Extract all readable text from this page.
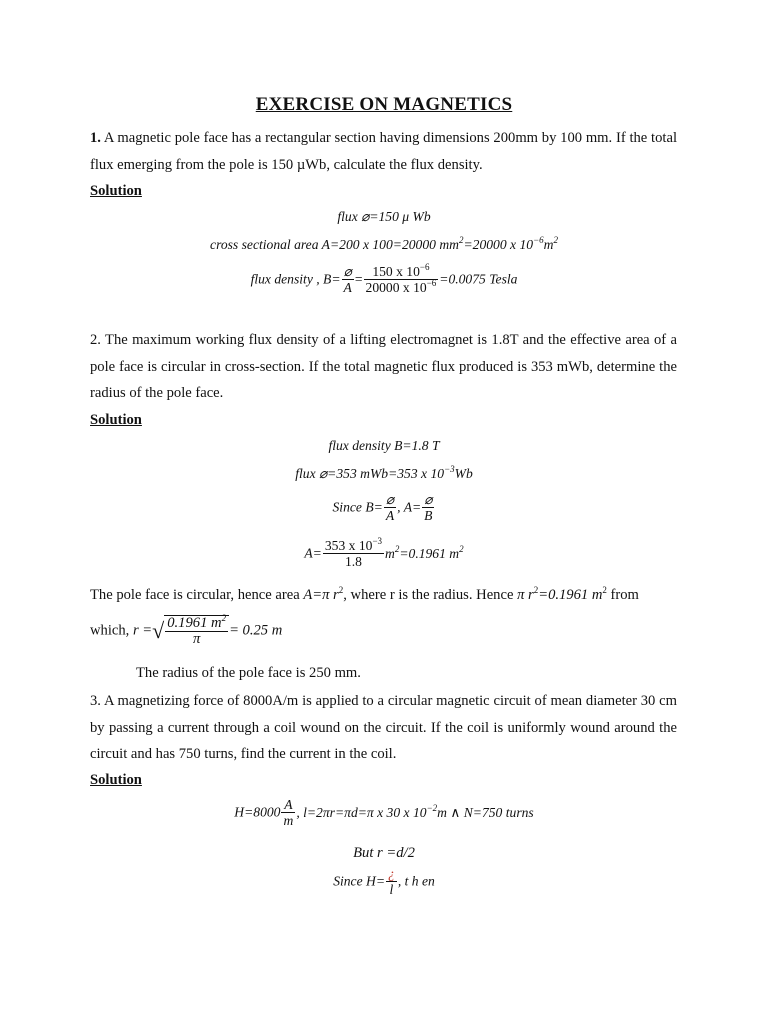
EXERCISE ON MAGNETICS
1. A magnetic pole face has a rectangular section having dimensions 200mm by 100 mm. If the total flux emerging from the pole is 150 µWb, calculate the flux density.
Solution
flux ⌀=150 μ Wb
cross sectional area A=200 x 100=20000 $mm^2=20000$ x $10^{-6}m^2$
flux density , B= ⌀
A
= $\frac{150 x 10^{-6}}{20000 x 10^{-6}} =0.0075$ Tesla
2. The maximum working flux density of a lifting electromagnet is 1.8T and the effective area of a pole face is circular in cross-section. If the total magnetic flux produced is 353 mWb, determine the radius of the pole face.
Solution
flux density B=1.8 T
flux ⌀=353 mWb=353 x $10^{-3}Wb$
Since B= ⌀
A
, A= ⌀
B
$A= \frac{353 x 10^{-3}}{1.8} m^2=0.1961$ $m^2$
The pole face is circular, hence area A=π $r^2$, where r is the radius. Hence π $r^2=0.1961$ $m^2$ from
which, r =√ $\frac{0.1961 m^2}{\pi} = 0.25$ m
The radius of the pole face is 250 mm.
3. A magnetizing force of 8000A/m is applied to a circular magnetic circuit of mean diameter 30 cm by passing a current through a coil wound on the circuit. If the coil is uniformly wound around the circuit and has 750 turns, find the current in the coil.
Solution
$H=8000 \frac{A}{m}$ , l=2πr=πd=π x 30 x $10^{-2}m$ ∧ N=750 turns
But r =d/2
Since H= ¿
l
, t h en
